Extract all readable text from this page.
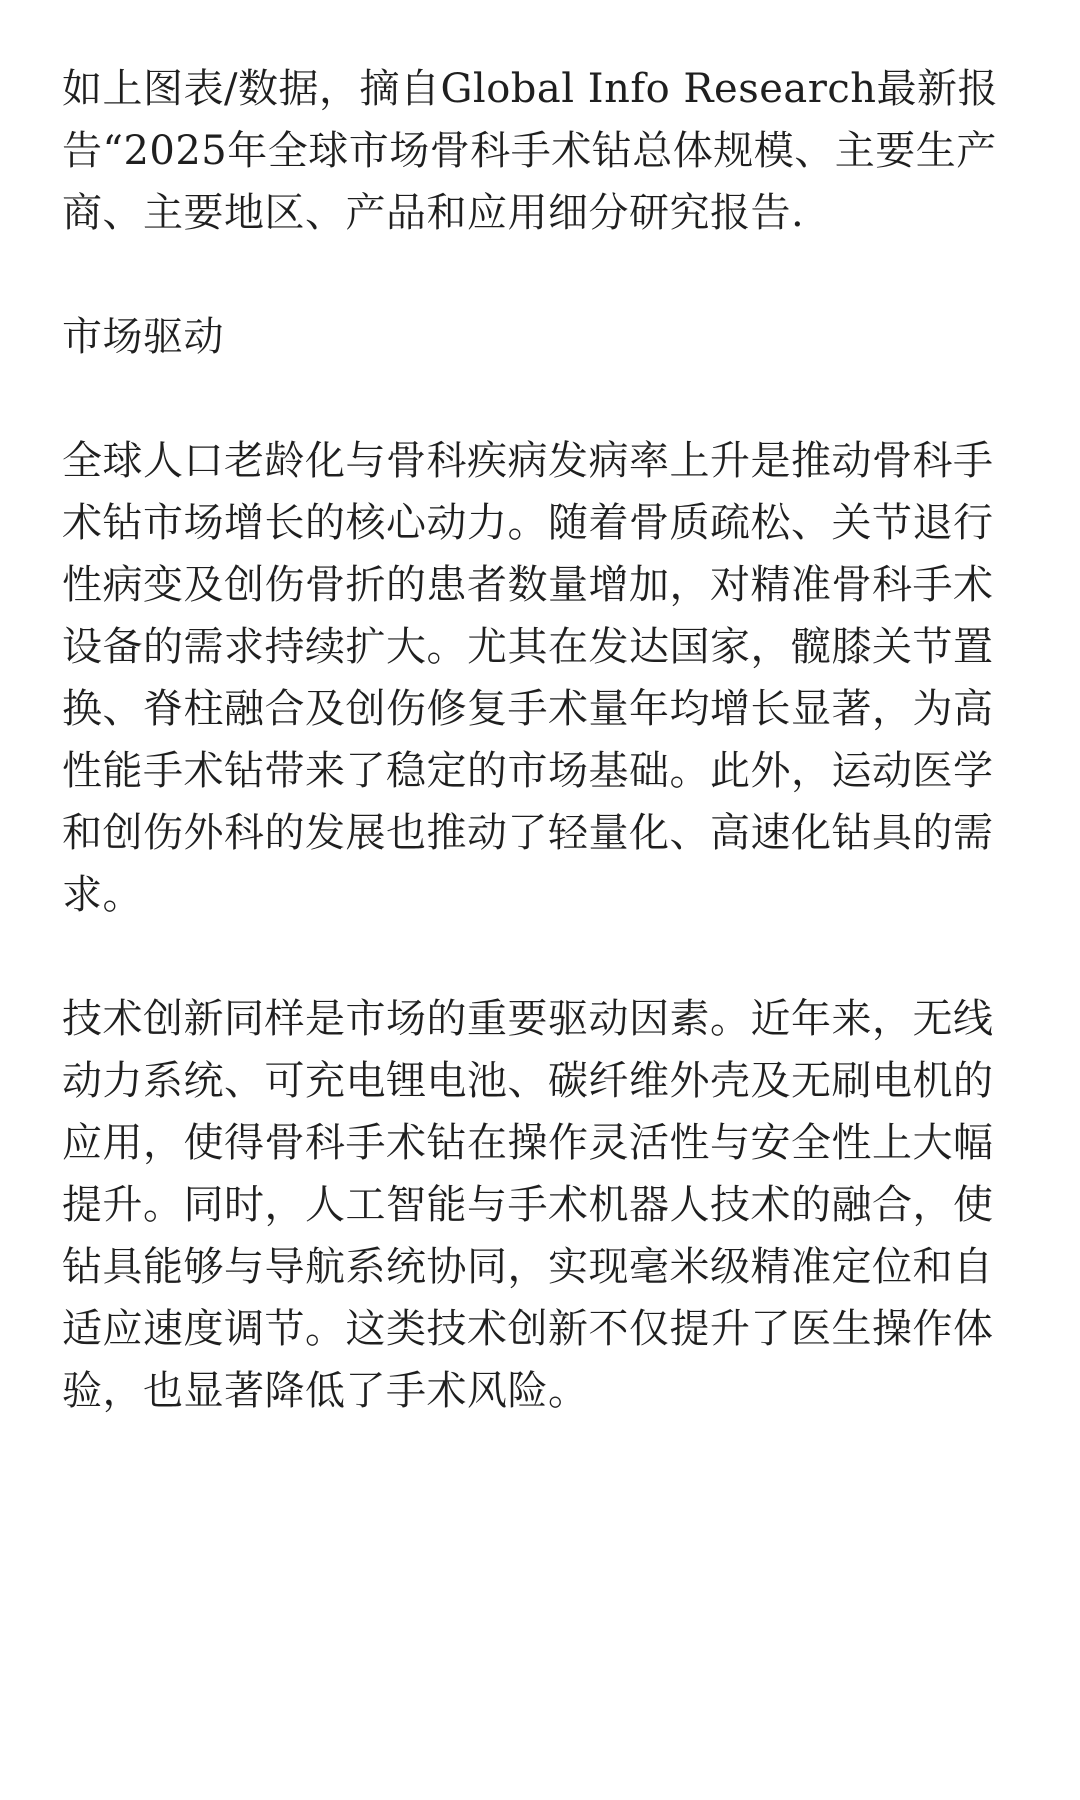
如上图表/数据，摘自Global Info Research最新报告“2025年全球市场骨科手术钻总体规模、主要生产商、主要地区、产品和应用细分研究报告.

市场驱动

全球人口老龄化与骨科疾病发病率上升是推动骨科手术钻市场增长的核心动力。随着骨质疏松、关节退行性病变及创伤骨折的患者数量增加，对精准骨科手术设备的需求持续扩大。尤其在发达国家，髋膝关节置换、脊柱融合及创伤修复手术量年均增长显著，为高性能手术钻带来了稳定的市场基础。此外，运动医学和创伤外科的发展也推动了轻量化、高速化钻具的需求。

技术创新同样是市场的重要驱动因素。近年来，无线动力系统、可充电锂电池、碳纤维外壳及无刷电机的应用，使得骨科手术钻在操作灵活性与安全性上大幅提升。同时，人工智能与手术机器人技术的融合，使钻具能够与导航系统协同，实现毫米级精准定位和自适应速度调节。这类技术创新不仅提升了医生操作体验，也显著降低了手术风险。
